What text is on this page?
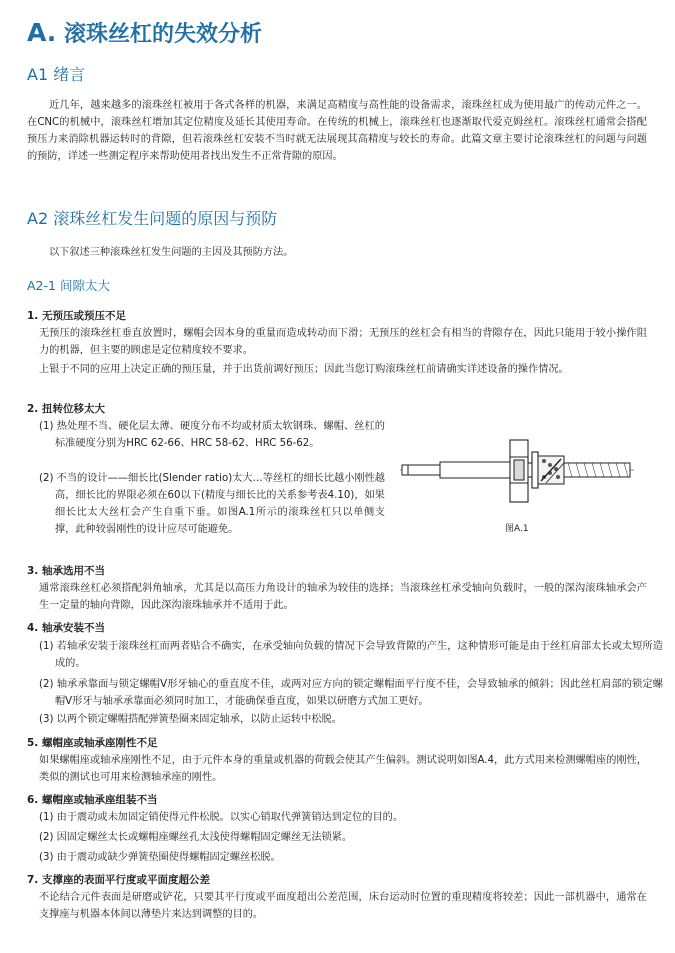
A. 滚珠丝杠的失效分析
A1 绪言

近几年，越来越多的滚珠丝杠被用于各式各样的机器，来满足高精度与高性能的设备需求，滚珠丝杠成为使用最广的传动元件之一。在CNC的机械中，滚珠丝杠增加其定位精度及延长其使用寿命。在传统的机械上，滚珠丝杠也逐渐取代爱克姆丝杠。滚珠丝杠通常会搭配预压力来消除机器运转时的背隙，但若滚珠丝杠安装不当时就无法展现其高精度与较长的寿命。此篇文章主要讨论滚珠丝杠的问题与问题的预防，详述一些测定程序来帮助使用者找出发生不正常背隙的原因。

A2 滚珠丝杠发生问题的原因与预防

以下叙述三种滚珠丝杠发生问题的主因及其预防方法。

A2-1 间隙太大
1. 无预压或预压不足

无预压的滚珠丝杠垂直放置时，螺帽会因本身的重量而造成转动而下滑；无预压的丝杠会有相当的背隙存在，因此只能用于较小操作阻力的机器，但主要的顾虑是定位精度较不要求。

上银于不同的应用上决定正确的预压量，并于出货前调好预压；因此当您订购滚珠丝杠前请确实详述设备的操作情况。

2. 扭转位移太大

(1) 热处理不当、硬化层太薄、硬度分布不均或材质太软钢珠、螺帽、丝杠的标准硬度分别为HRC 62-66、HRC 58-62、HRC 56-62。

(2) 不当的设计——细长比(Slender ratio)太大…等丝杠的细长比越小刚性越高，细长比的界限必须在60以下(精度与细长比的关系参考表4.10)，如果细长比太大丝杠会产生自重下垂。如图A.1所示的滚珠丝杠只以单侧支撑，此种较弱刚性的设计应尽可能避免。	图A.1
3. 轴承选用不当

通常滚珠丝杠必须搭配斜角轴承，尤其是以高压力角设计的轴承为较佳的选择；当滚珠丝杠承受轴向负载时，一般的深沟滚珠轴承会产生一定量的轴向背隙，因此深沟滚珠轴承并不适用于此。

4. 轴承安装不当

(1) 若轴承安装于滚珠丝杠而两者贴合不确实，在承受轴向负载的情况下会导致背隙的产生，这种情形可能是由于丝杠肩部太长或太短所造成的。

(2) 轴承承靠面与锁定螺帽V形牙轴心的垂直度不佳，或两对应方向的锁定螺帽面平行度不佳，会导致轴承的倾斜；因此丝杠肩部的锁定螺帽V形牙与轴承承靠面必须同时加工，才能确保垂直度，如果以研磨方式加工更好。

(3) 以两个锁定螺帽搭配弹簧垫圈来固定轴承，以防止运转中松脱。

5. 螺帽座或轴承座刚性不足

如果螺帽座或轴承座刚性不足，由于元件本身的重量或机器的荷载会使其产生偏斜。测试说明如图A.4，此方式用来检测螺帽座的刚性，类似的测试也可用来检测轴承座的刚性。

6. 螺帽座或轴承座组装不当

(1) 由于震动或未加固定销使得元件松脱。以实心销取代弹簧销达到定位的目的。

(2) 因固定螺丝太长或螺帽座螺丝孔太浅使得螺帽固定螺丝无法锁紧。

(3) 由于震动或缺少弹簧垫圈使得螺帽固定螺丝松脱。

7. 支撑座的表面平行度或平面度超公差

不论结合元件表面是研磨或铲花，只要其平行度或平面度超出公差范围，床台运动时位置的重现精度将较差；因此一部机器中，通常在支撑座与机器本体间以薄垫片来达到调整的目的。
